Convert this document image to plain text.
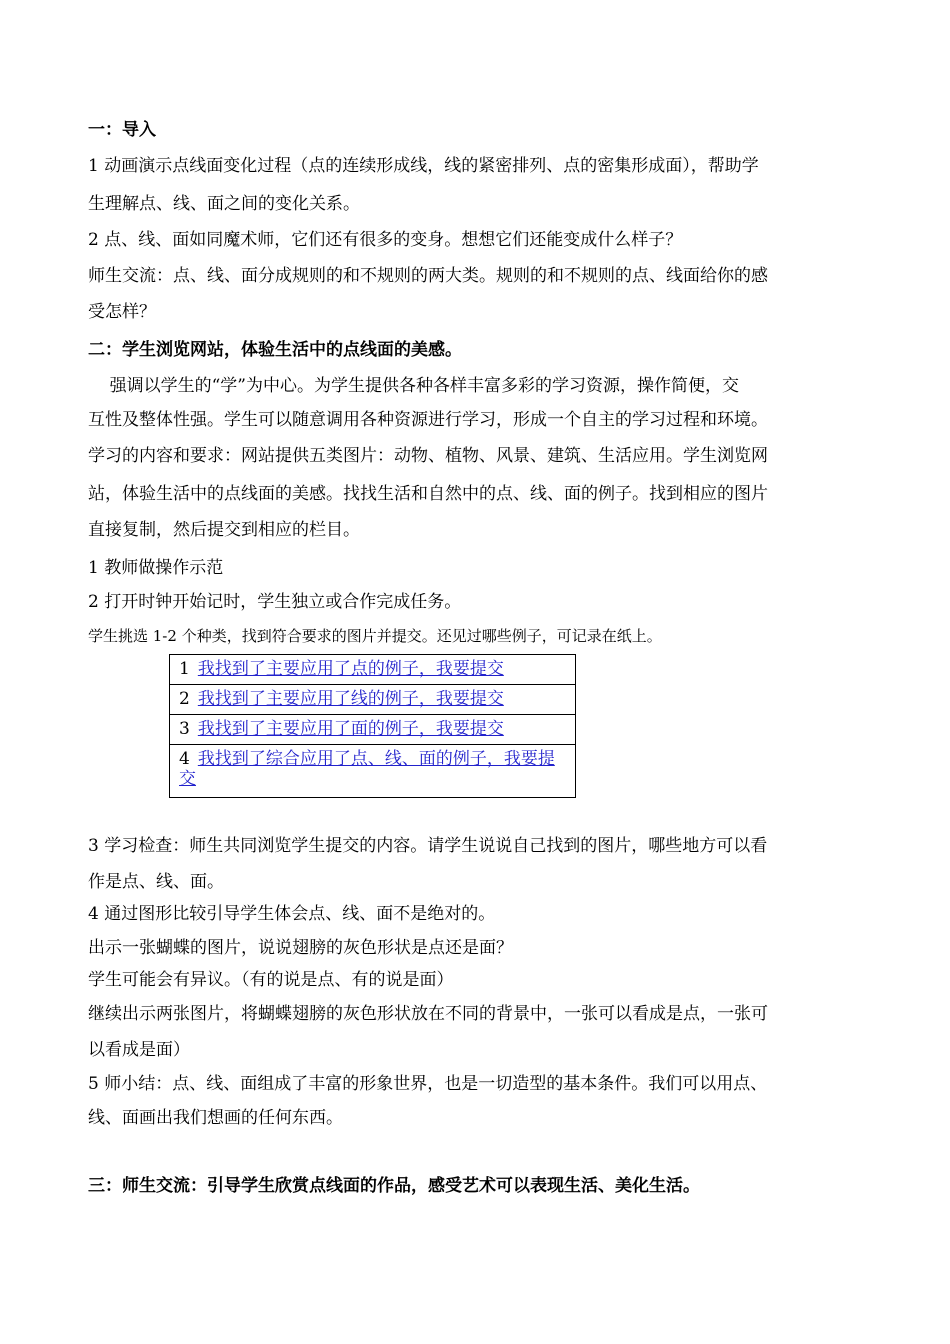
一：导入
1 动画演示点线面变化过程（点的连续形成线，线的紧密排列、点的密集形成面），帮助学
生理解点、线、面之间的变化关系。
2 点、线、面如同魔术师，它们还有很多的变身。想想它们还能变成什么样子？
师生交流：点、线、面分成规则的和不规则的两大类。规则的和不规则的点、线面给你的感
受怎样？
二：学生浏览网站，体验生活中的点线面的美感。
强调以学生的“学”为中心。为学生提供各种各样丰富多彩的学习资源，操作简便，交
互性及整体性强。学生可以随意调用各种资源进行学习，形成一个自主的学习过程和环境。
学习的内容和要求：网站提供五类图片：动物、植物、风景、建筑、生活应用。学生浏览网
站，体验生活中的点线面的美感。找找生活和自然中的点、线、面的例子。找到相应的图片
直接复制，然后提交到相应的栏目。
1 教师做操作示范
2 打开时钟开始记时，学生独立或合作完成任务。
学生挑选 1-2 个种类，找到符合要求的图片并提交。还见过哪些例子，可记录在纸上。
1 我找到了主要应用了点的例子，我要提交
2 我找到了主要应用了线的例子，我要提交
3 我找到了主要应用了面的例子，我要提交
4 我找到了综合应用了点、线、面的例子，我要提交
3 学习检查：师生共同浏览学生提交的内容。请学生说说自己找到的图片，哪些地方可以看
作是点、线、面。
4 通过图形比较引导学生体会点、线、面不是绝对的。
出示一张蝴蝶的图片，说说翅膀的灰色形状是点还是面？
学生可能会有异议。（有的说是点、有的说是面）
继续出示两张图片，将蝴蝶翅膀的灰色形状放在不同的背景中，一张可以看成是点，一张可
以看成是面）
5 师小结：点、线、面组成了丰富的形象世界，也是一切造型的基本条件。我们可以用点、
线、面画出我们想画的任何东西。
三：师生交流：引导学生欣赏点线面的作品，感受艺术可以表现生活、美化生活。
